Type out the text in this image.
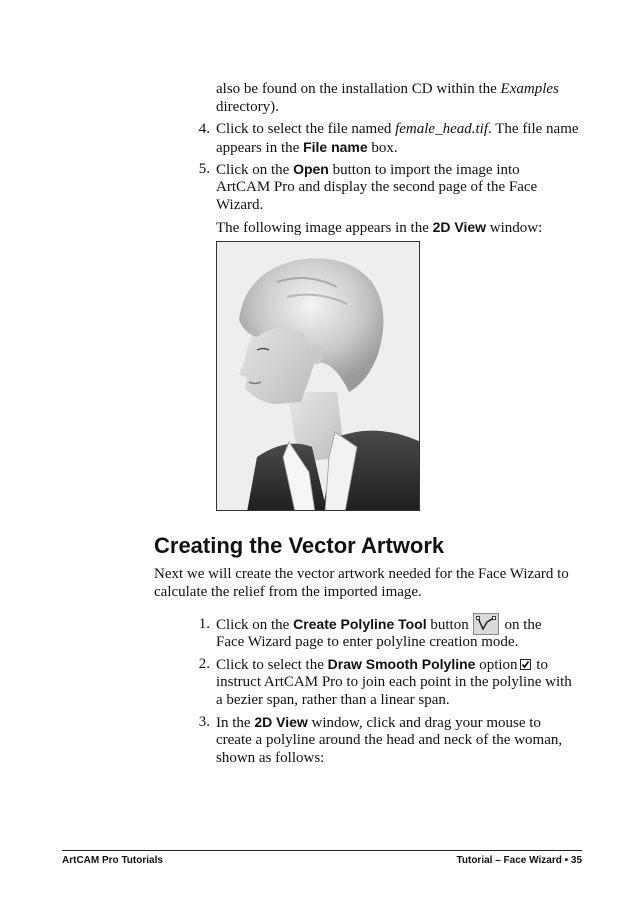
also be found on the installation CD within the Examples
directory).
4. Click to select the file named female_head.tif. The file name
appears in the File name box.
5. Click on the Open button to import the image into
ArtCAM Pro and display the second page of the Face
Wizard.
The following image appears in the 2D View window:
Creating the Vector Artwork
Next we will create the vector artwork needed for the Face Wizard to
calculate the relief from the imported image.
1. Click on the Create Polyline Tool button
on the
Face Wizard page to enter polyline creation mode.
2. Click to select the Draw Smooth Polyline option
to
instruct ArtCAM Pro to join each point in the polyline with
a bezier span, rather than a linear span.
3. In the 2D View window, click and drag your mouse to
create a polyline around the head and neck of the woman,
shown as follows:
ArtCAM Pro Tutorials	Tutorial – Face Wizard • 35
